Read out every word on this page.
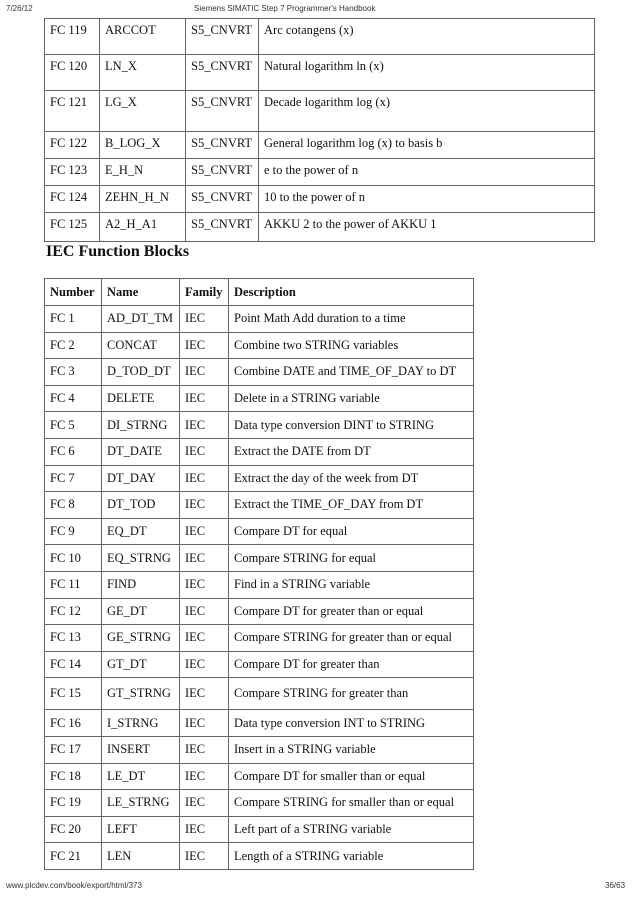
7/26/12	Siemens SIMATIC Step 7 Programmer's Handbook
FC 119	ARCCOT	S5_CNVRT	Arc cotangens (x)
FC 120	LN_X	S5_CNVRT	Natural logarithm ln (x)
FC 121	LG_X	S5_CNVRT	Decade logarithm log (x)
FC 122	B_LOG_X	S5_CNVRT	General logarithm log (x) to basis b
FC 123	E_H_N	S5_CNVRT	e to the power of n
FC 124	ZEHN_H_N	S5_CNVRT	10 to the power of n
FC 125	A2_H_A1	S5_CNVRT	AKKU 2 to the power of AKKU 1
IEC Function Blocks
Number	Name	Family	Description
FC 1	AD_DT_TM	IEC	Point Math Add duration to a time
FC 2	CONCAT	IEC	Combine two STRING variables
FC 3	D_TOD_DT	IEC	Combine DATE and TIME_OF_DAY to DT
FC 4	DELETE	IEC	Delete in a STRING variable
FC 5	DI_STRNG	IEC	Data type conversion DINT to STRING
FC 6	DT_DATE	IEC	Extract the DATE from DT
FC 7	DT_DAY	IEC	Extract the day of the week from DT
FC 8	DT_TOD	IEC	Extract the TIME_OF_DAY from DT
FC 9	EQ_DT	IEC	Compare DT for equal
FC 10	EQ_STRNG	IEC	Compare STRING for equal
FC 11	FIND	IEC	Find in a STRING variable
FC 12	GE_DT	IEC	Compare DT for greater than or equal
FC 13	GE_STRNG	IEC	Compare STRING for greater than or equal
FC 14	GT_DT	IEC	Compare DT for greater than
FC 15	GT_STRNG	IEC	Compare STRING for greater than
FC 16	I_STRNG	IEC	Data type conversion INT to STRING
FC 17	INSERT	IEC	Insert in a STRING variable
FC 18	LE_DT	IEC	Compare DT for smaller than or equal
FC 19	LE_STRNG	IEC	Compare STRING for smaller than or equal
FC 20	LEFT	IEC	Left part of a STRING variable
FC 21	LEN	IEC	Length of a STRING variable
www.plcdev.com/book/export/html/373	36/63
